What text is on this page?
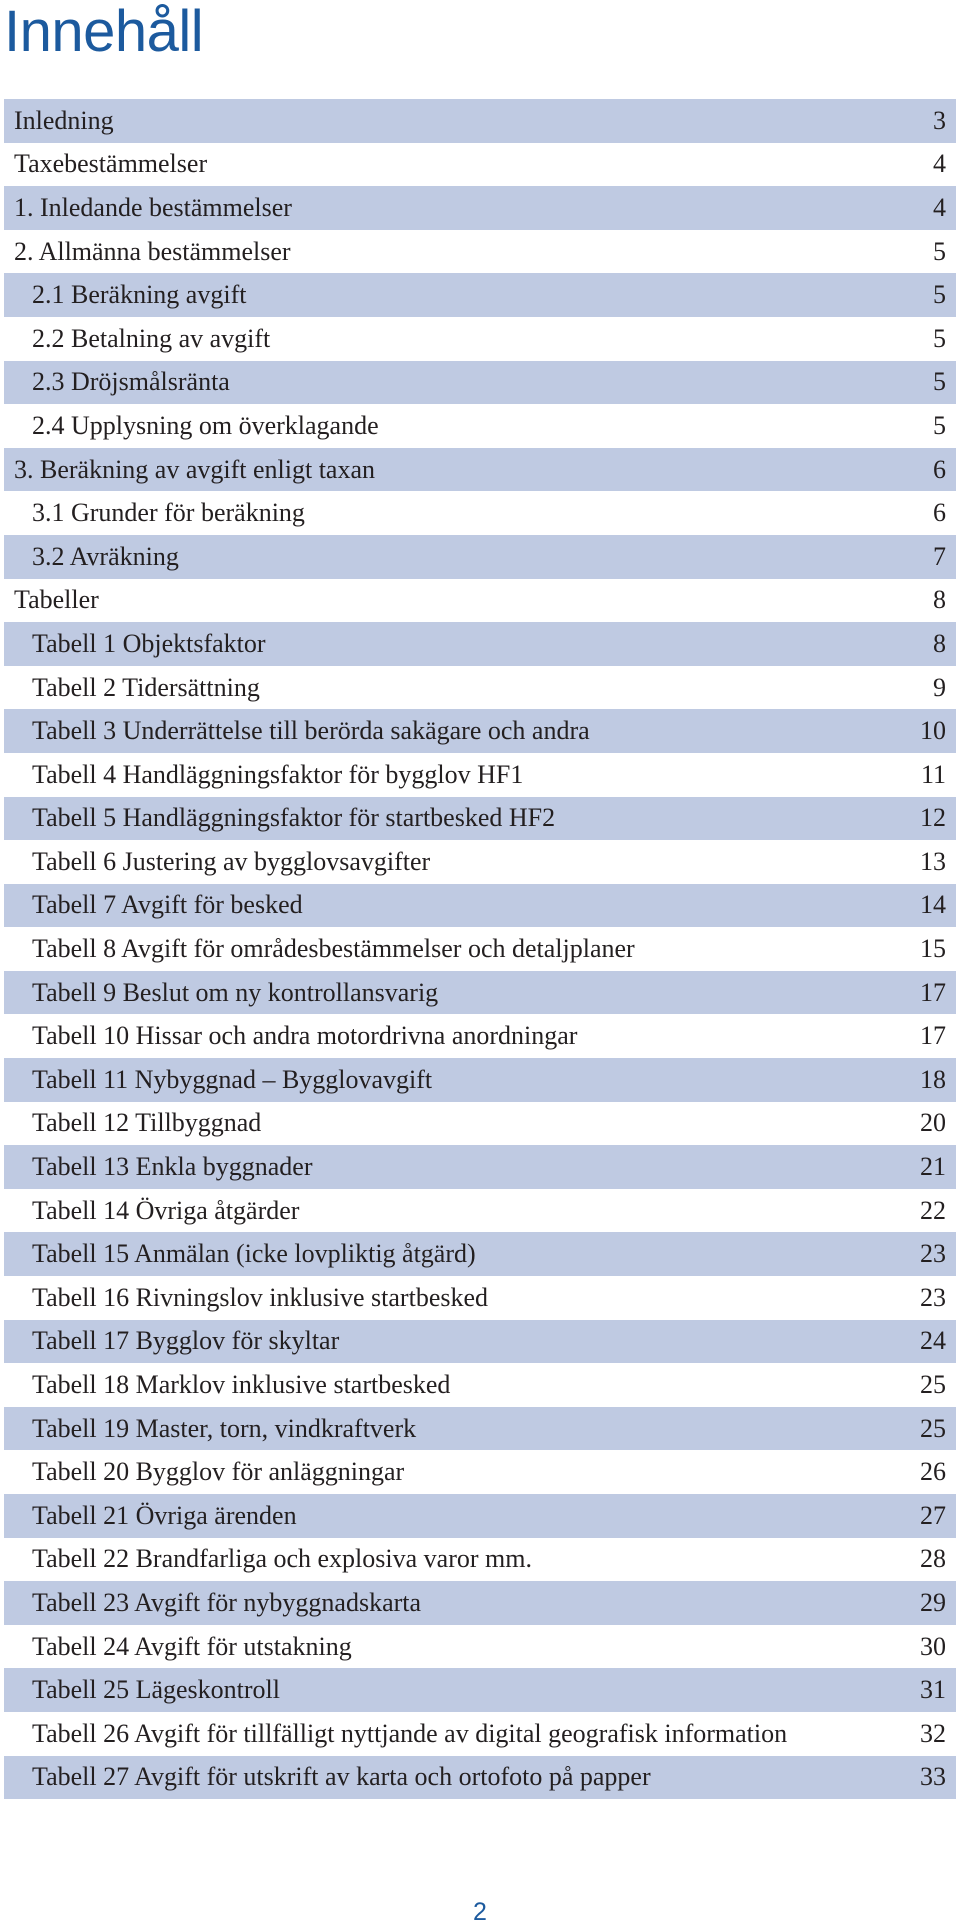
Innehåll
Inledning	3
Taxebestämmelser	4
1. Inledande bestämmelser	4
2. Allmänna bestämmelser	5
2.1 Beräkning avgift	5
2.2 Betalning av avgift	5
2.3 Dröjsmålsränta	5
2.4 Upplysning om överklagande	5
3. Beräkning av avgift enligt taxan	6
3.1 Grunder för beräkning	6
3.2 Avräkning	7
Tabeller	8
Tabell 1 Objektsfaktor	8
Tabell 2 Tidersättning	9
Tabell 3 Underrättelse till berörda sakägare och andra	10
Tabell 4 Handläggningsfaktor för bygglov HF1	11
Tabell 5 Handläggningsfaktor för startbesked HF2	12
Tabell 6 Justering av bygglovsavgifter	13
Tabell 7 Avgift för besked	14
Tabell 8 Avgift för områdesbestämmelser och detaljplaner	15
Tabell 9 Beslut om ny kontrollansvarig	17
Tabell 10 Hissar och andra motordrivna anordningar	17
Tabell 11 Nybyggnad – Bygglovavgift	18
Tabell 12 Tillbyggnad	20
Tabell 13 Enkla byggnader	21
Tabell 14 Övriga åtgärder	22
Tabell 15 Anmälan (icke lovpliktig åtgärd)	23
Tabell 16 Rivningslov inklusive startbesked	23
Tabell 17 Bygglov för skyltar	24
Tabell 18 Marklov inklusive startbesked	25
Tabell 19 Master, torn, vindkraftverk	25
Tabell 20 Bygglov för anläggningar	26
Tabell 21 Övriga ärenden	27
Tabell 22 Brandfarliga och explosiva varor mm.	28
Tabell 23 Avgift för nybyggnadskarta	29
Tabell 24 Avgift för utstakning	30
Tabell 25 Lägeskontroll	31
Tabell 26 Avgift för tillfälligt nyttjande av digital geografisk information	32
Tabell 27 Avgift för utskrift av karta och ortofoto på papper	33
2
